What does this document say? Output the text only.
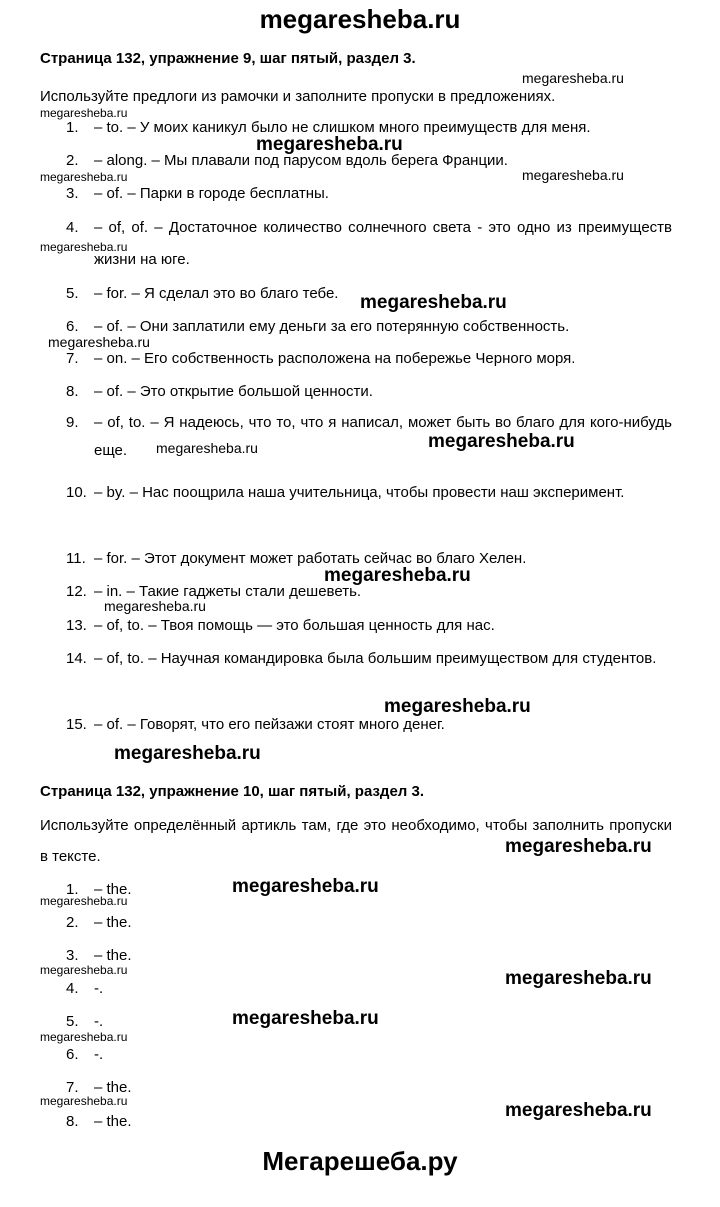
megaresheba.ru
Страница 132, упражнение 9, шаг пятый, раздел 3.
Используйте предлоги из рамочки и заполните пропуски в предложениях.
1.	– to. – У моих каникул было не слишком много преимуществ для меня.
2.	– along. – Мы плавали под парусом вдоль берега Франции.
3.	– of. – Парки в городе бесплатны.
4.	– of, of. – Достаточное количество солнечного света - это одно из преимуществ жизни на юге.
5.	– for. – Я сделал это во благо тебе.
6.	– of. – Они заплатили ему деньги за его потерянную собственность.
7.	– on. – Его собственность расположена на побережье Черного моря.
8.	– of. – Это открытие большой ценности.
9.	– of, to. – Я надеюсь, что то, что я написал, может быть во благо для кого-нибудь еще.
10. – by. – Нас поощрила наша учительница, чтобы провести наш эксперимент.
11. – for. – Этот документ может работать сейчас во благо Хелен.
12. – in. – Такие гаджеты стали дешеветь.
13. – of, to. – Твоя помощь — это большая ценность для нас.
14. – of, to. – Научная командировка была большим преимуществом для студентов.
15. – of. – Говорят, что его пейзажи стоят много денег.
Страница 132, упражнение 10, шаг пятый, раздел 3.
Используйте определённый артикль там, где это необходимо, чтобы заполнить пропуски в тексте.
1.	– the.
2.	– the.
3.	– the.
4.	-.
5.	-.
6.	-.
7.	– the.
8.	– the.
megaresheba.ru
megaresheba.ru
megaresheba.ru
megaresheba.ru	megaresheba.ru
megaresheba.ru
megaresheba.ru
megaresheba.ru
megaresheba.ru	megaresheba.ru
megaresheba.ru
megaresheba.ru
megaresheba.ru
megaresheba.ru
megaresheba.ru
megaresheba.ru
megaresheba.ru
megaresheba.ru	megaresheba.ru
megaresheba.ru
megaresheba.ru
megaresheba.ru	megaresheba.ru
Мегарешеба.ру
